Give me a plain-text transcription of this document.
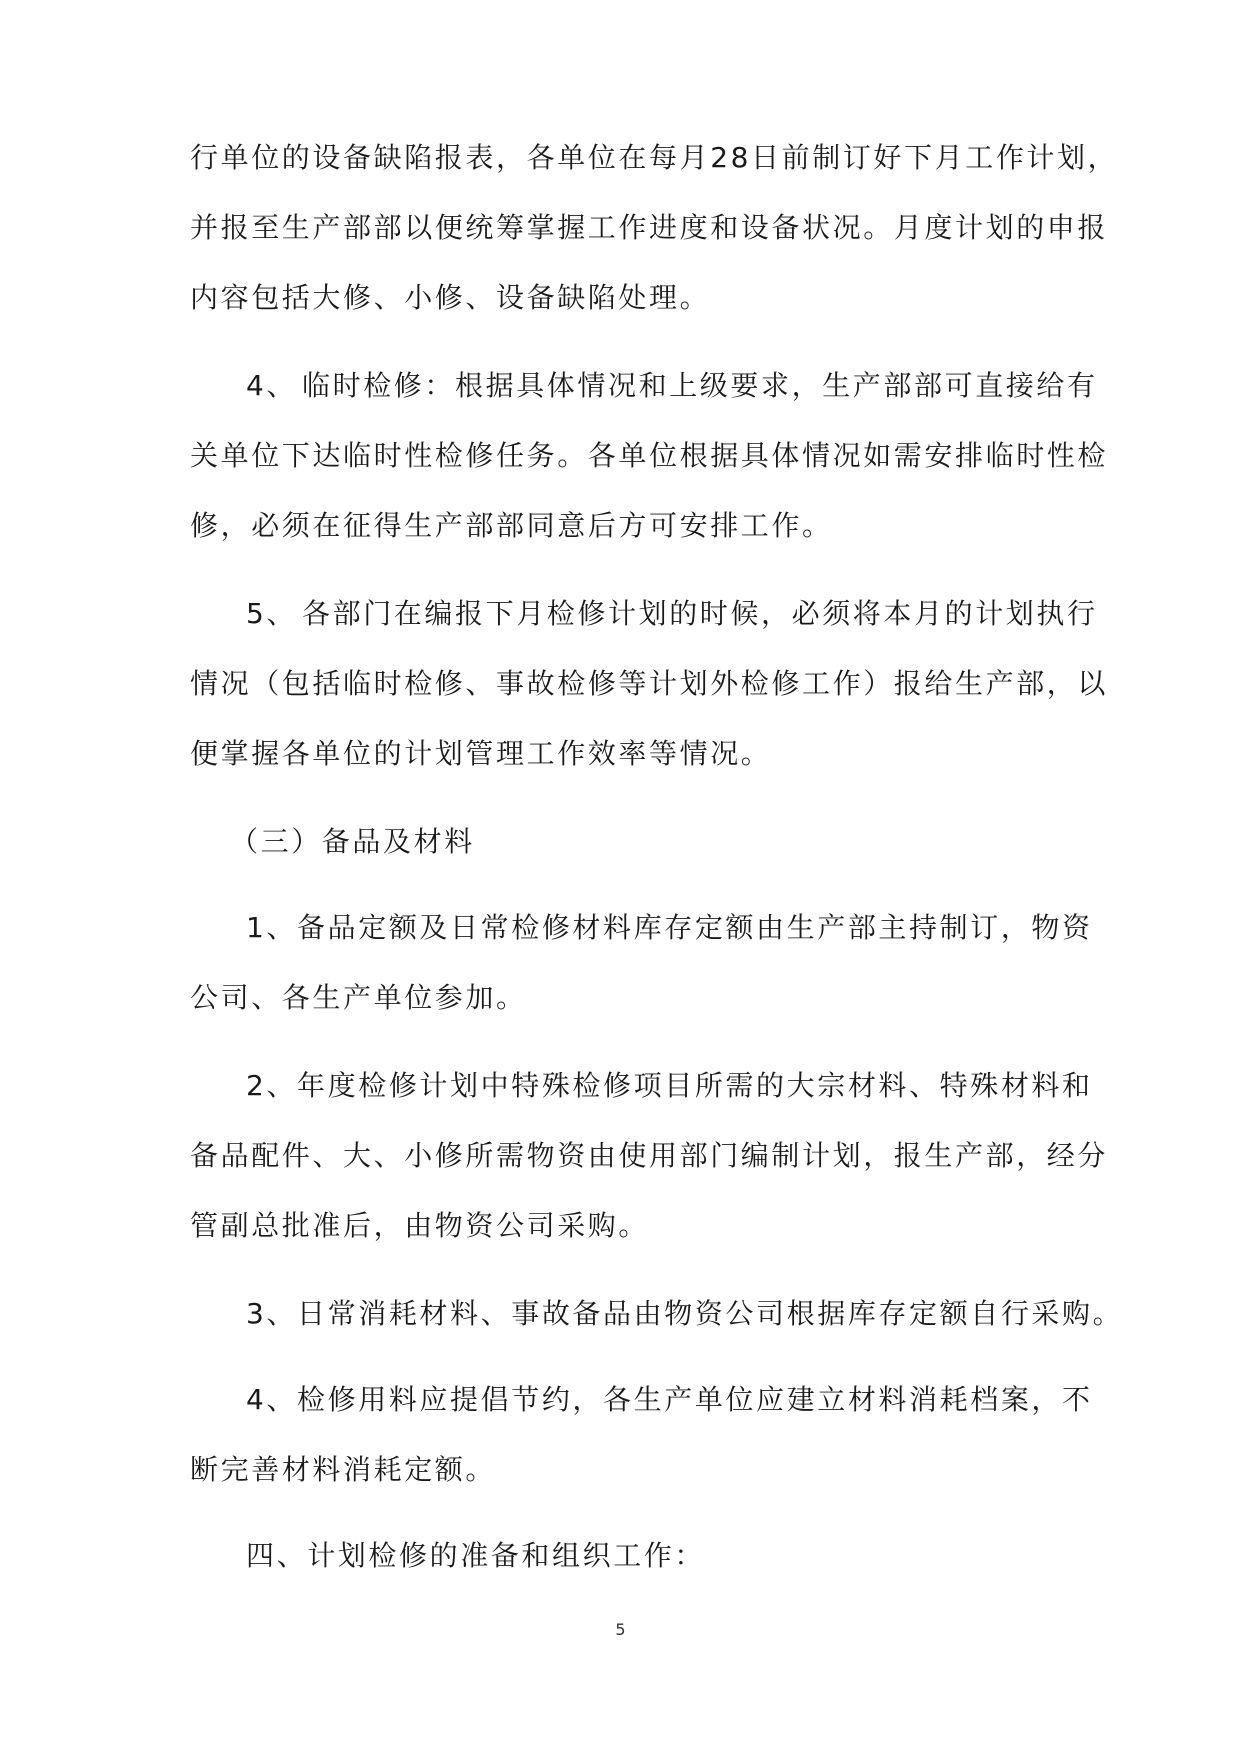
行单位的设备缺陷报表，各单位在每月28日前制订好下月工作计划，
并报至生产部部以便统筹掌握工作进度和设备状况。月度计划的申报
内容包括大修、小修、设备缺陷处理。
4、 临时检修：根据具体情况和上级要求，生产部部可直接给有
关单位下达临时性检修任务。各单位根据具体情况如需安排临时性检
修，必须在征得生产部部同意后方可安排工作。
5、 各部门在编报下月检修计划的时候，必须将本月的计划执行
情况（包括临时检修、事故检修等计划外检修工作）报给生产部，以
便掌握各单位的计划管理工作效率等情况。
（三）备品及材料
1、备品定额及日常检修材料库存定额由生产部主持制订，物资
公司、各生产单位参加。
2、年度检修计划中特殊检修项目所需的大宗材料、特殊材料和
备品配件、大、小修所需物资由使用部门编制计划，报生产部，经分
管副总批准后，由物资公司采购。
3、日常消耗材料、事故备品由物资公司根据库存定额自行采购。
4、检修用料应提倡节约，各生产单位应建立材料消耗档案，不
断完善材料消耗定额。
四、计划检修的准备和组织工作：
5
